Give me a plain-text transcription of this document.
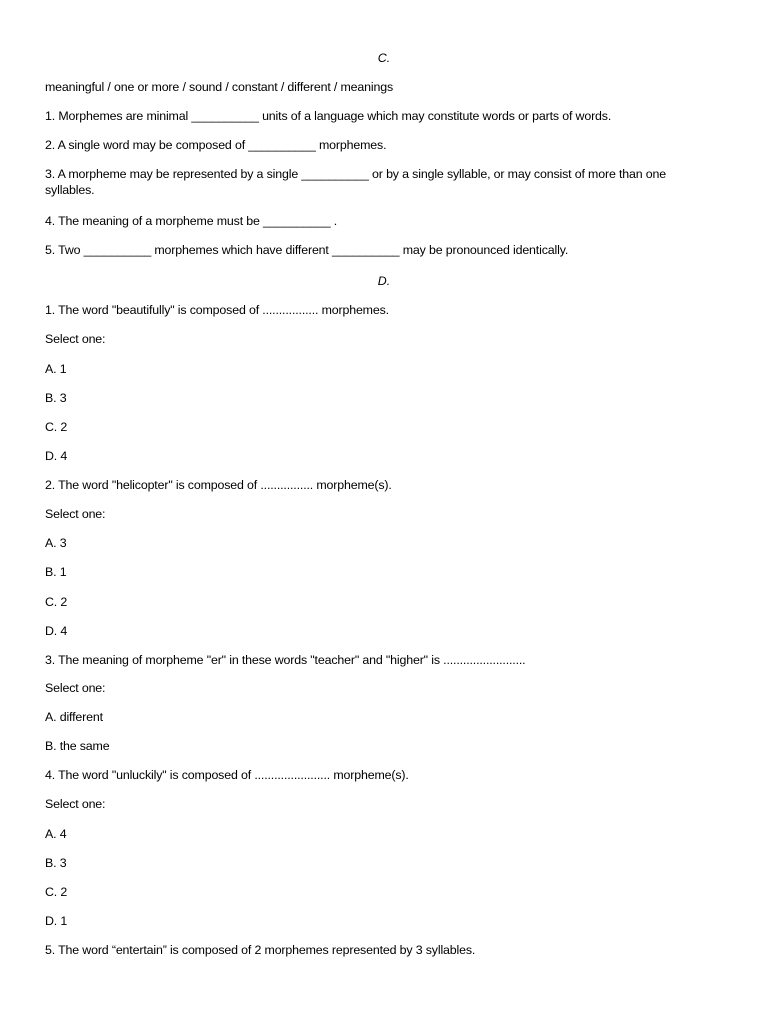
C.
meaningful / one or more / sound / constant / different / meanings
1. Morphemes are minimal __________ units of a language which may constitute words or parts of words.
2. A single word may be composed of __________ morphemes.
3. A morpheme may be represented by a single __________ or by a single syllable, or may consist of more than one syllables.
4. The meaning of a morpheme must be __________ .
5. Two __________ morphemes which have different __________ may be pronounced identically.
D.
1. The word "beautifully" is composed of ................. morphemes.
Select one:
A. 1
B. 3
C. 2
D. 4
2. The word "helicopter" is composed of ................ morpheme(s).
Select one:
A. 3
B. 1
C. 2
D. 4
3. The meaning of morpheme "er" in these words "teacher" and "higher" is .........................
Select one:
A. different
B. the same
4. The word "unluckily" is composed of ....................... morpheme(s).
Select one:
A. 4
B. 3
C. 2
D. 1
5. The word “entertain” is composed of 2 morphemes represented by 3 syllables.
